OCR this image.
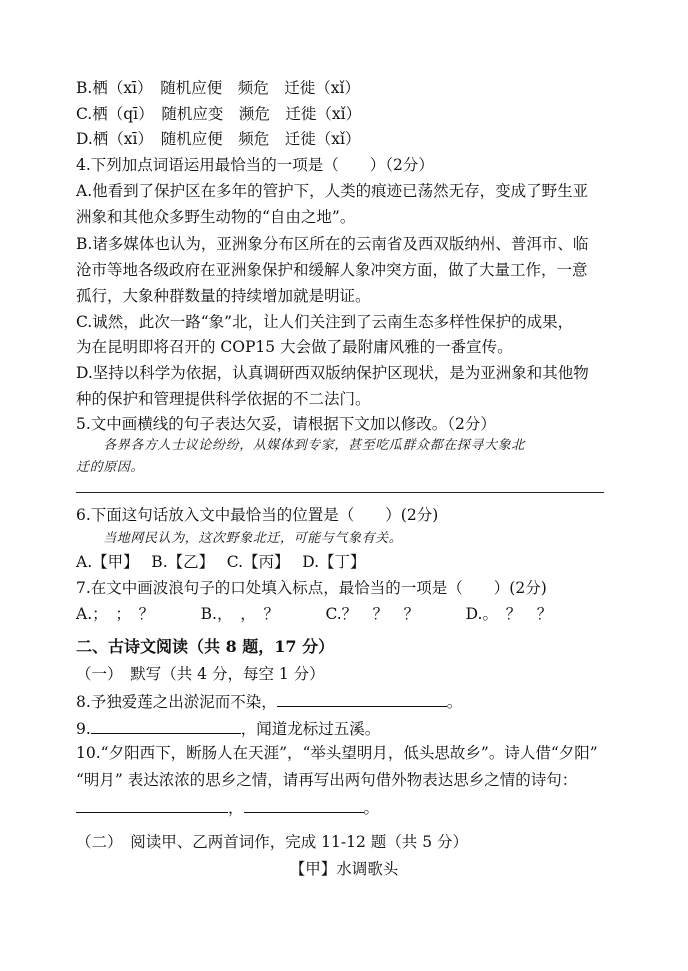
B.栖（xī）　随机应便　频危　迁徙（xǐ）
C.栖（qī）　随机应变　濒危　迁徙（xǐ）
D.栖（xī）　随机应便　频危　迁徙（xǐ）
4.下列加点词语运用最恰当的一项是（　　）（2分）
A.他看到了保护区在多年的管护下，人类的痕迹已荡然无存，变成了野生亚
洲象和其他众多野生动物的“自由之地”。
B.诸多媒体也认为，亚洲象分布区所在的云南省及西双版纳州、普洱市、临
沧市等地各级政府在亚洲象保护和缓解人象冲突方面，做了大量工作，一意
孤行，大象种群数量的持续增加就是明证。
C.诚然，此次一路“象”北，让人们关注到了云南生态多样性保护的成果，
为在昆明即将召开的 COP15 大会做了最附庸风雅的一番宣传。
D.坚持以科学为依据，认真调研西双版纳保护区现状，是为亚洲象和其他物
种的保护和管理提供科学依据的不二法门。
5.文中画横线的句子表达欠妥，请根据下文加以修改。（2分）
　　各界各方人士议论纷纷，从媒体到专家，甚至吃瓜群众都在探寻大象北
迁的原因。
6.下面这句话放入文中最恰当的位置是（　　）(2分)
　　当地网民认为，这次野象北迁，可能与气象有关。
A.【甲】　 B.【乙】　 C.【丙】　 D.【丁】
7.在文中画波浪句子的口处填入标点，最恰当的一项是（　　）(2分)
A.；　；　？　　　B.，　，　？　　　C.？　？　？　　　D.。　？　？
二、古诗文阅读（共 8 题，17 分）
（一）　默写（共 4 分，每空 1 分）
8.予独爱莲之出淤泥而不染，	。
9.	，闻道龙标过五溪。
10.“夕阳西下，断肠人在天涯”，“举头望明月，低头思故乡”。诗人借“夕阳”
“明月” 表达浓浓的思乡之情，请再写出两句借外物表达思乡之情的诗句：
，	。
（二）　阅读甲、乙两首词作，完成 11-12 题（共 5 分）
【甲】水调歌头
